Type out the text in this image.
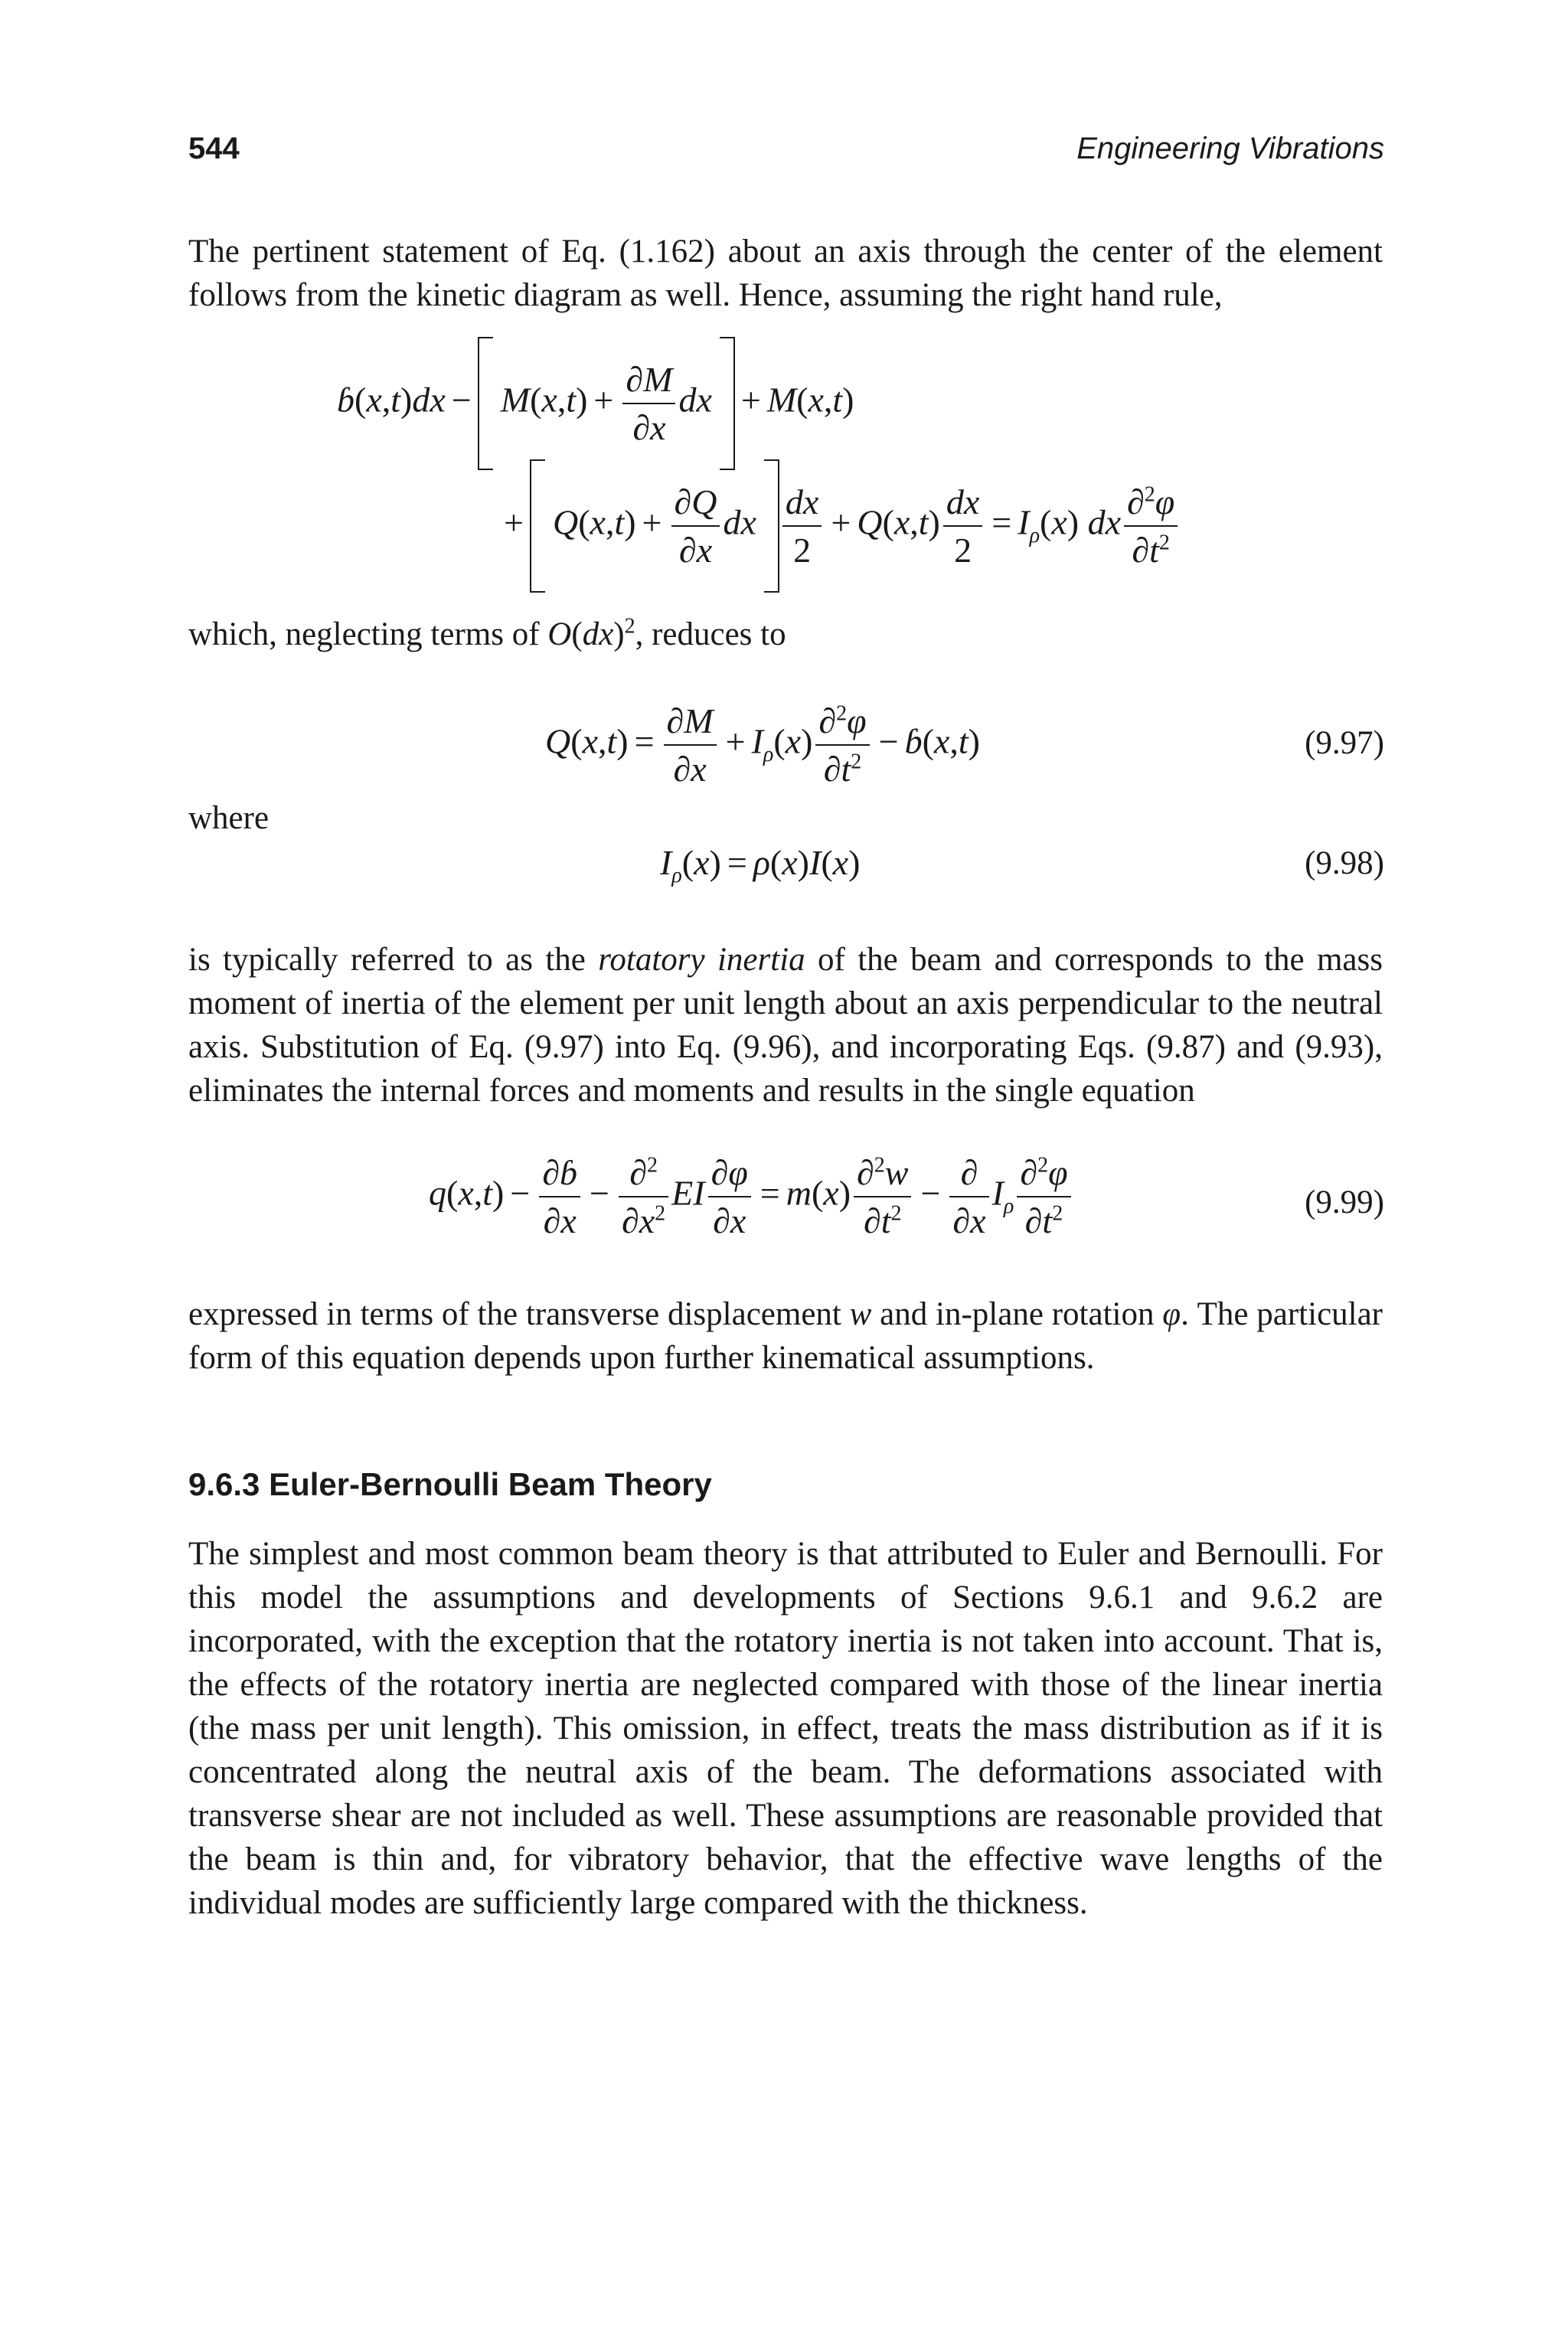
544	Engineering Vibrations
The pertinent statement of Eq. (1.162) about an axis through the center of the element follows from the kinetic diagram as well. Hence, assuming the right hand rule,
ɓ(x,t)dx − $M(x,t) + \frac{\partial M}{\partial x}$ dx + M(x,t)
+ $Q(x,t) + \frac{\partial Q}{\partial x}$ dx $\frac{dx}{2} + Q(x,t) \frac{dx}{2} = I_\rho(x)$ dx $\frac{\partial^2\varphi}{\partial t^2}$
which, neglecting terms of O(dx)$^2$, reduces to
$Q(x,t) = \frac{\partial M}{\partial x} + I_\rho(x) \frac{\partial^2\varphi}{\partial t^2}$ − ɓ(x,t)	(9.97)
where
$I_\rho(x) = \rho(x)I(x)$	(9.98)
is typically referred to as the rotatory inertia of the beam and corresponds to the mass moment of inertia of the element per unit length about an axis perpendicular to the neutral axis. Substitution of Eq. (9.97) into Eq. (9.96), and incorporating Eqs. (9.87) and (9.93), eliminates the internal forces and moments and results in the single equation
$q(x,t) - \frac{\text{∂ɓ}}{\partial x} - \frac{\partial^2}{\partial x^2}$ EI $\frac{\partial\varphi}{\partial x} = m(x) \frac{\partial^2w}{\partial t^2} - \frac{\partial}{\partial x} I_\rho \frac{\partial^2\varphi}{\partial t^2}$	(9.99)
expressed in terms of the transverse displacement w and in-plane rotation φ. The particular form of this equation depends upon further kinematical assumptions.
9.6.3 Euler-Bernoulli Beam Theory
The simplest and most common beam theory is that attributed to Euler and Bernoulli. For this model the assumptions and developments of Sections 9.6.1 and 9.6.2 are incorporated, with the exception that the rotatory inertia is not taken into account. That is, the effects of the rotatory inertia are neglected compared with those of the linear inertia (the mass per unit length). This omission, in effect, treats the mass distribution as if it is concentrated along the neutral axis of the beam. The deformations associated with transverse shear are not included as well. These assumptions are reasonable provided that the beam is thin and, for vibratory behavior, that the effective wave lengths of the individual modes are sufficiently large compared with the thickness.
